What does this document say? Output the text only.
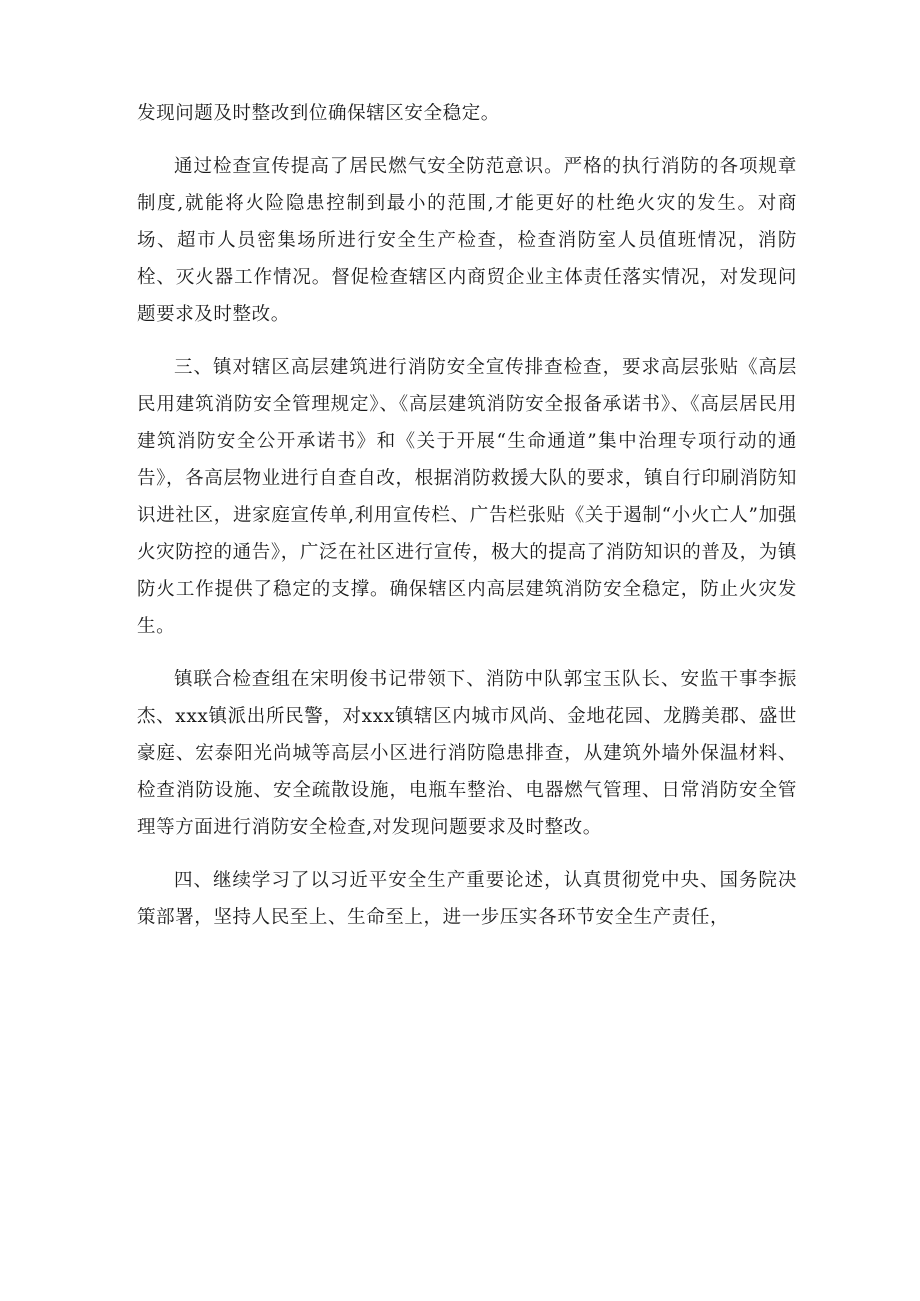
发现问题及时整改到位确保辖区安全稳定。

通过检查宣传提高了居民燃气安全防范意识。严格的执行消防的各项规章制度,就能将火险隐患控制到最小的范围,才能更好的杜绝火灾的发生。对商场、超市人员密集场所进行安全生产检查，检查消防室人员值班情况，消防栓、灭火器工作情况。督促检查辖区内商贸企业主体责任落实情况，对发现问题要求及时整改。

三、镇对辖区高层建筑进行消防安全宣传排查检查，要求高层张贴《高层民用建筑消防安全管理规定》、《高层建筑消防安全报备承诺书》、《高层居民用建筑消防安全公开承诺书》和《关于开展“生命通道”集中治理专项行动的通告》，各高层物业进行自查自改，根据消防救援大队的要求，镇自行印刷消防知识进社区，进家庭宣传单,利用宣传栏、广告栏张贴《关于遏制“小火亡人”加强火灾防控的通告》，广泛在社区进行宣传，极大的提高了消防知识的普及，为镇防火工作提供了稳定的支撑。确保辖区内高层建筑消防安全稳定，防止火灾发生。

镇联合检查组在宋明俊书记带领下、消防中队郭宝玉队长、安监干事李振杰、xxx镇派出所民警，对xxx镇辖区内城市风尚、金地花园、龙腾美郡、盛世豪庭、宏泰阳光尚城等高层小区进行消防隐患排查，从建筑外墙外保温材料、检查消防设施、安全疏散设施，电瓶车整治、电器燃气管理、日常消防安全管理等方面进行消防安全检查,对发现问题要求及时整改。

四、继续学习了以习近平安全生产重要论述，认真贯彻党中央、国务院决策部署，坚持人民至上、生命至上，进一步压实各环节安全生产责任，
